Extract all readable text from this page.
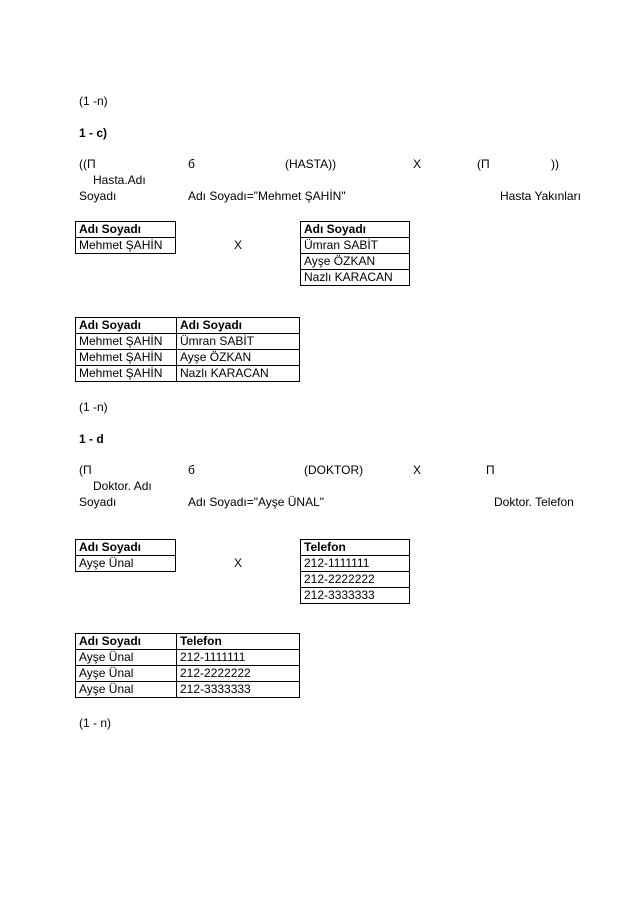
(1 -n)
1 - c)
((П	б	(HASTA))	X	(П	))
Hasta.Adı
Soyadı	Adı Soyadı="Mehmet ŞAHİN"	Hasta Yakınları
Adı Soyadı
Mehmet ŞAHİN	X
Adı Soyadı
Ümran SABİT
Ayşe ÖZKAN
Nazlı KARACAN
Adı Soyadı	Adı Soyadı
Mehmet ŞAHİN	Ümran SABİT
Mehmet ŞAHİN	Ayşe ÖZKAN
Mehmet ŞAHİN	Nazlı KARACAN
(1 -n)
1 - d
(П	б	(DOKTOR)	X	П
Doktor. Adı
Soyadı	Adı Soyadı="Ayşe ÜNAL"	Doktor. Telefon
Adı Soyadı
Ayşe Ünal	X
Telefon
212-1111111
212-2222222
212-3333333
Adı Soyadı	Telefon
Ayşe Ünal	212-1111111
Ayşe Ünal	212-2222222
Ayşe Ünal	212-3333333
(1 - n)
